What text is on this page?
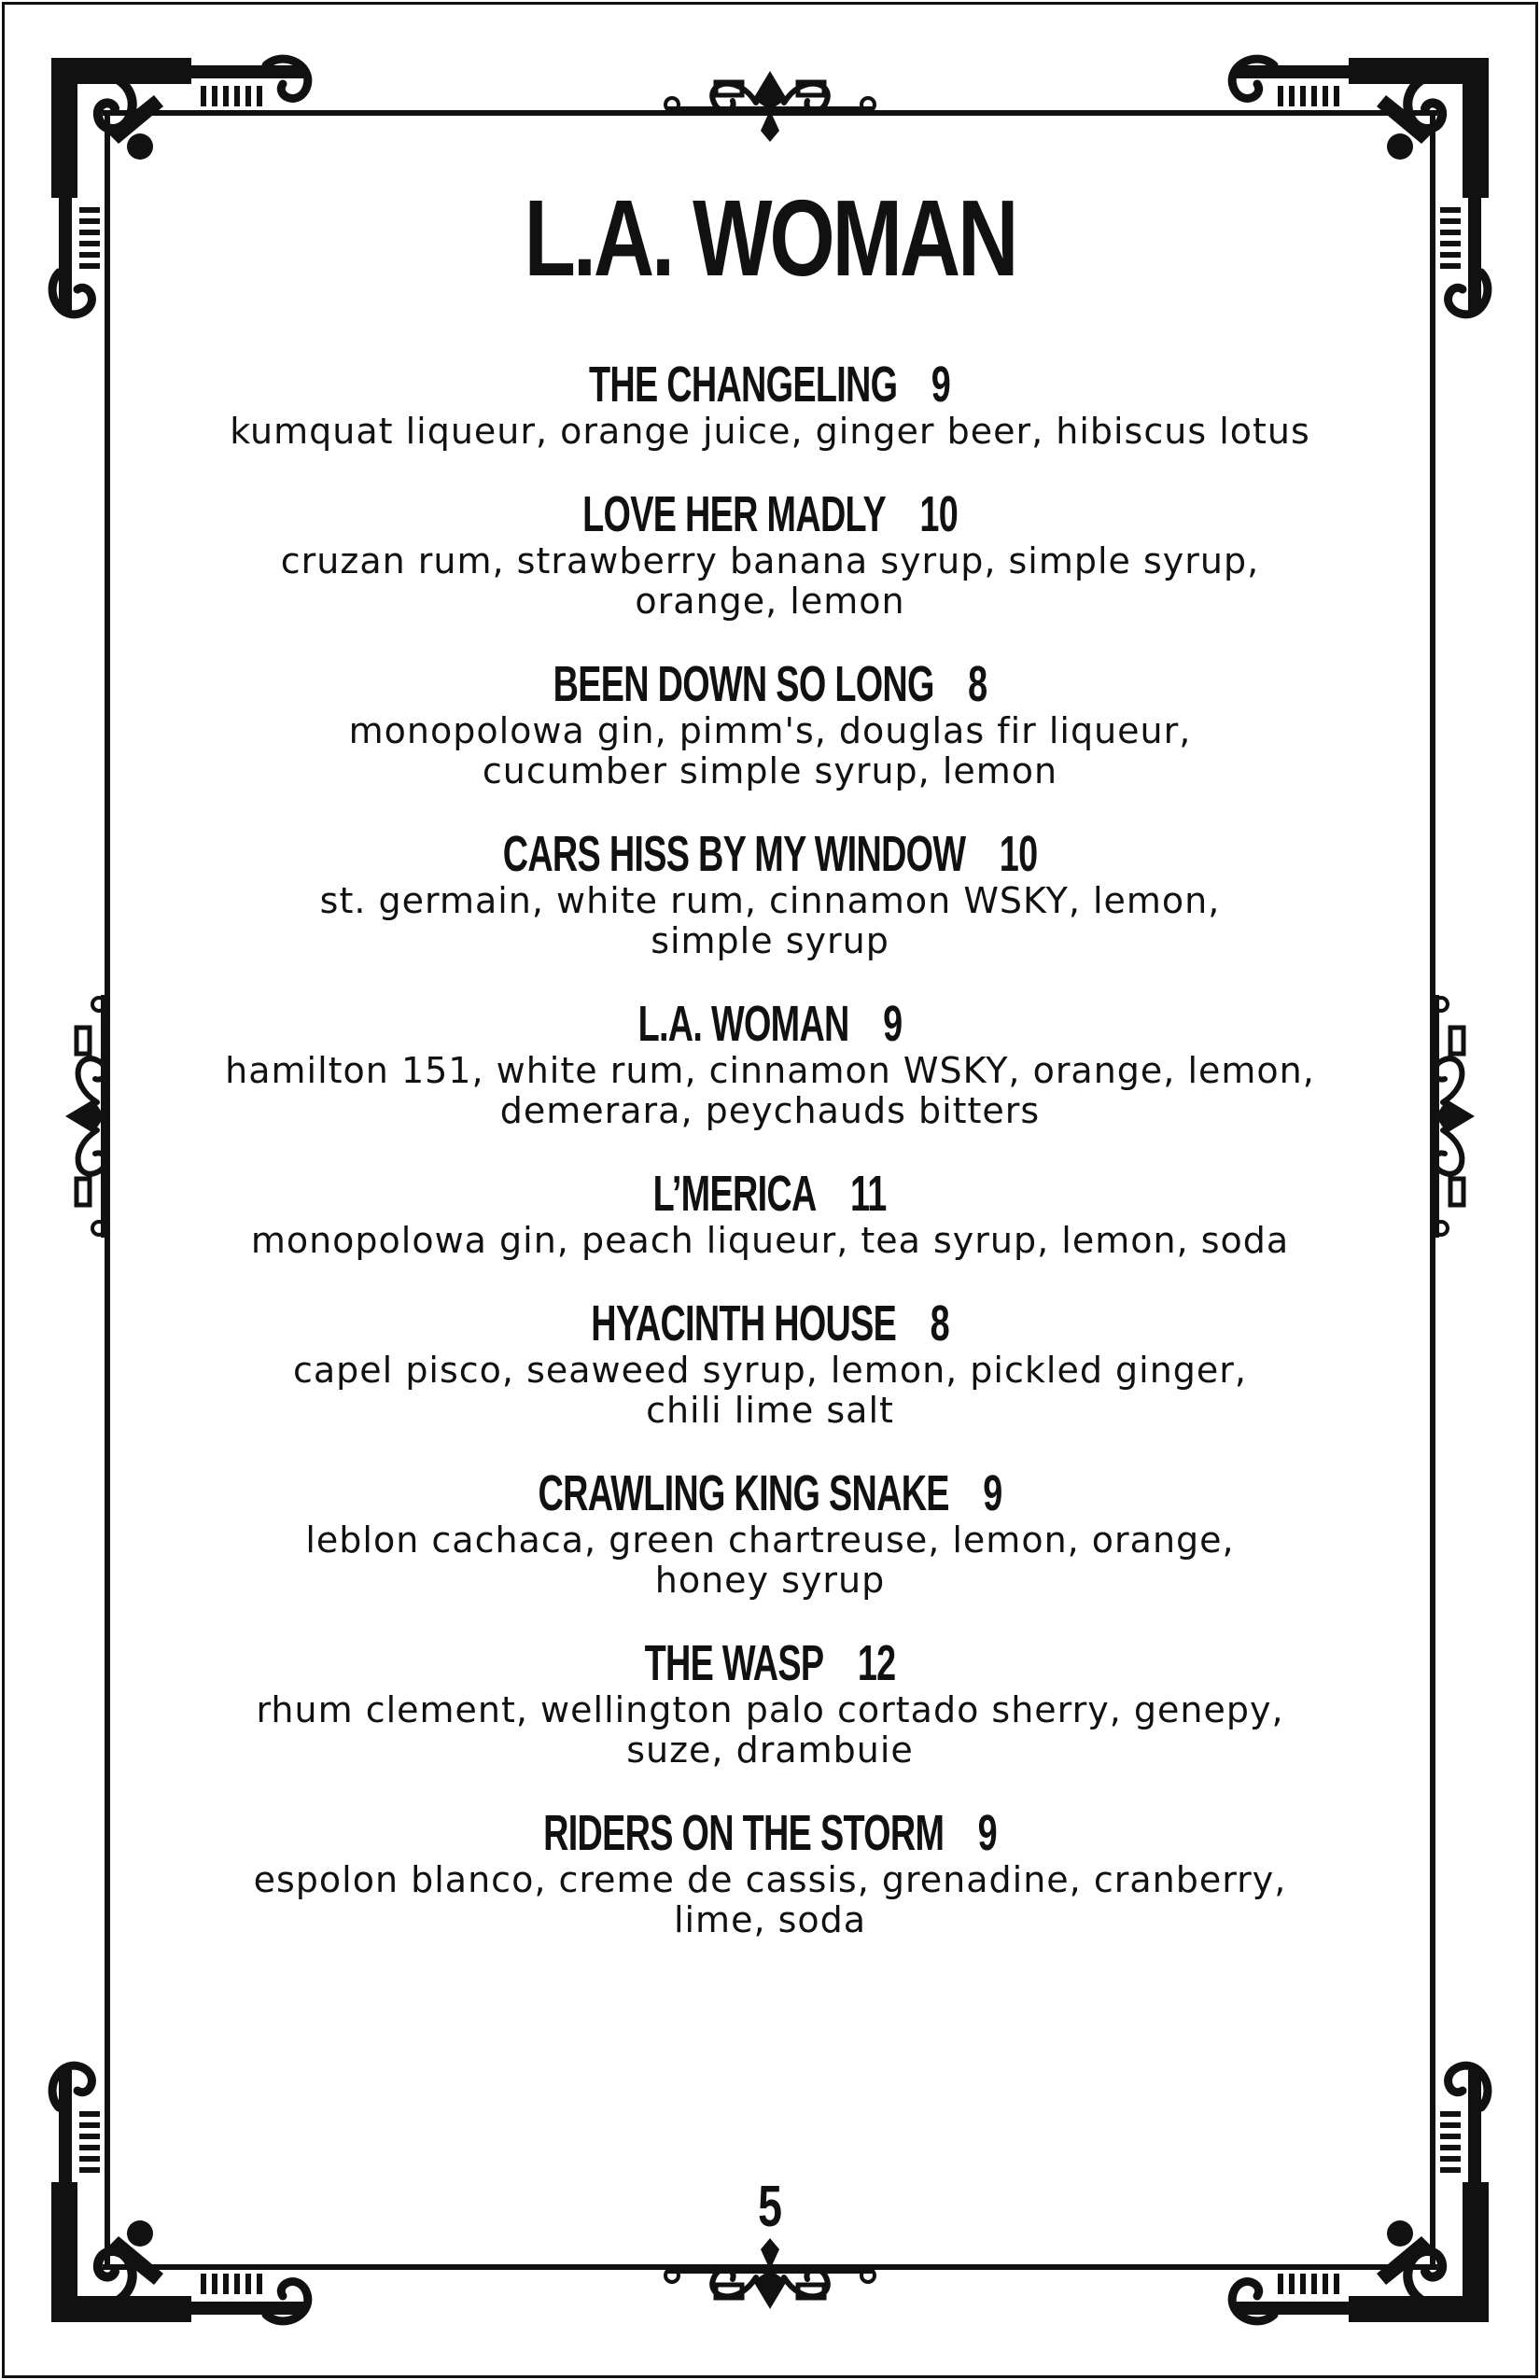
L.A. WOMAN
THE CHANGELING 9

kumquat liqueur, orange juice, ginger beer, hibiscus lotus

LOVE HER MADLY 10

cruzan rum, strawberry banana syrup, simple syrup,

orange, lemon

BEEN DOWN SO LONG 8

monopolowa gin, pimm's, douglas fir liqueur,

cucumber simple syrup, lemon

CARS HISS BY MY WINDOW 10

st. germain, white rum, cinnamon WSKY, lemon,

simple syrup

L.A. WOMAN 9

hamilton 151, white rum, cinnamon WSKY, orange, lemon,

demerara, peychauds bitters

L’MERICA 11

monopolowa gin, peach liqueur, tea syrup, lemon, soda

HYACINTH HOUSE 8

capel pisco, seaweed syrup, lemon, pickled ginger,

chili lime salt

CRAWLING KING SNAKE 9

leblon cachaca, green chartreuse, lemon, orange,

honey syrup

THE WASP 12

rhum clement, wellington palo cortado sherry, genepy,

suze, drambuie

RIDERS ON THE STORM 9

espolon blanco, creme de cassis, grenadine, cranberry,

lime, soda

5
